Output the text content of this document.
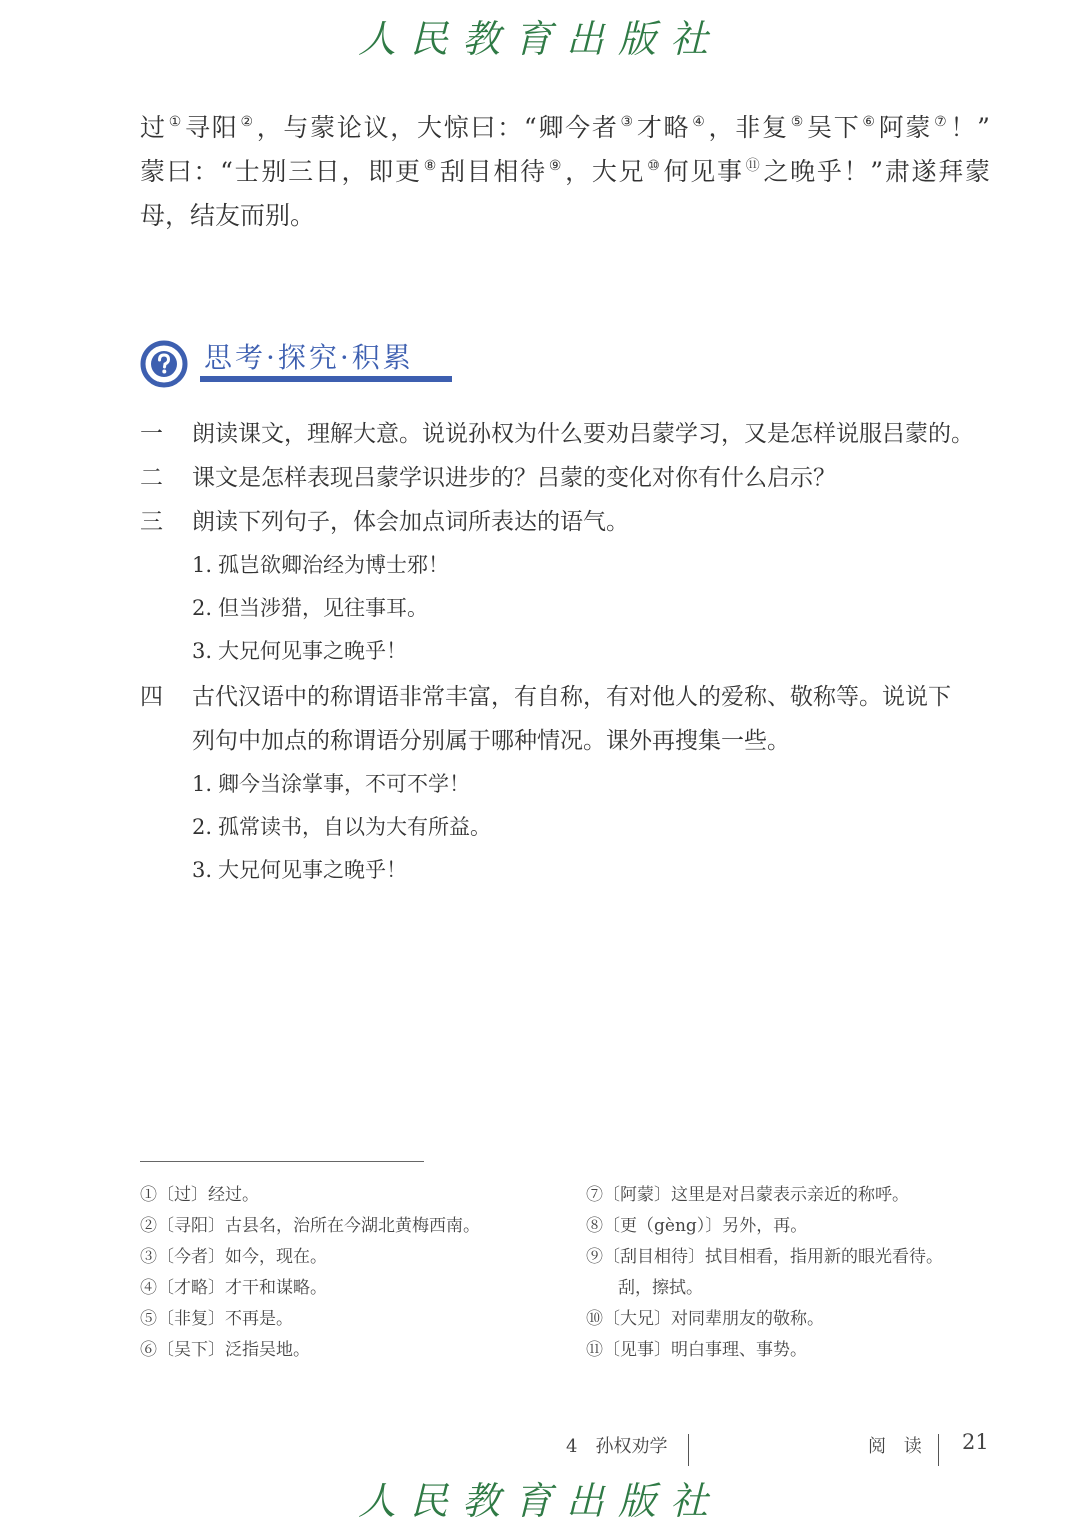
人民教育出版社
过 ①寻阳 ②，与蒙论议，大惊曰：“卿今者 ③才略 ④，非复 ⑤吴下 ⑥阿蒙 ⑦！”
蒙曰：“士别三日，即更 ⑧刮目相待 ⑨，大兄 ⑩何见事 ⑪之晚乎！”肃遂拜蒙
母，结友而别。
思考·探究·积累
一 朗读课文，理解大意。说说孙权为什么要劝吕蒙学习，又是怎样说服吕蒙的。
二 课文是怎样表现吕蒙学识进步的？吕蒙的变化对你有什么启示？
三 朗读下列句子，体会加点词所表达的语气。
1. 孤岂欲卿治经为博士邪！
2. 但当涉猎，见往事耳。
3. 大兄何见事之晚乎！
四 古代汉语中的称谓语非常丰富，有自称，有对他人的爱称、敬称等。说说下
列句中加点的称谓语分别属于哪种情况。课外再搜集一些。
1. 卿今当涂掌事，不可不学！
2. 孤常读书，自以为大有所益。
3. 大兄何见事之晚乎！
①〔过〕经过。
②〔寻阳〕古县名，治所在今湖北黄梅西南。
③〔今者〕如今，现在。
④〔才略〕才干和谋略。
⑤〔非复〕不再是。
⑥〔吴下〕泛指吴地。
⑦〔阿蒙〕这里是对吕蒙表示亲近的称呼。
⑧〔更（gèng）〕另外，再。
⑨〔刮目相待〕拭目相看，指用新的眼光看待。
刮，擦拭。
⑩〔大兄〕对同辈朋友的敬称。
⑪〔见事〕明白事理、事势。
4　孙权劝学	阅 读 21
人民教育出版社
